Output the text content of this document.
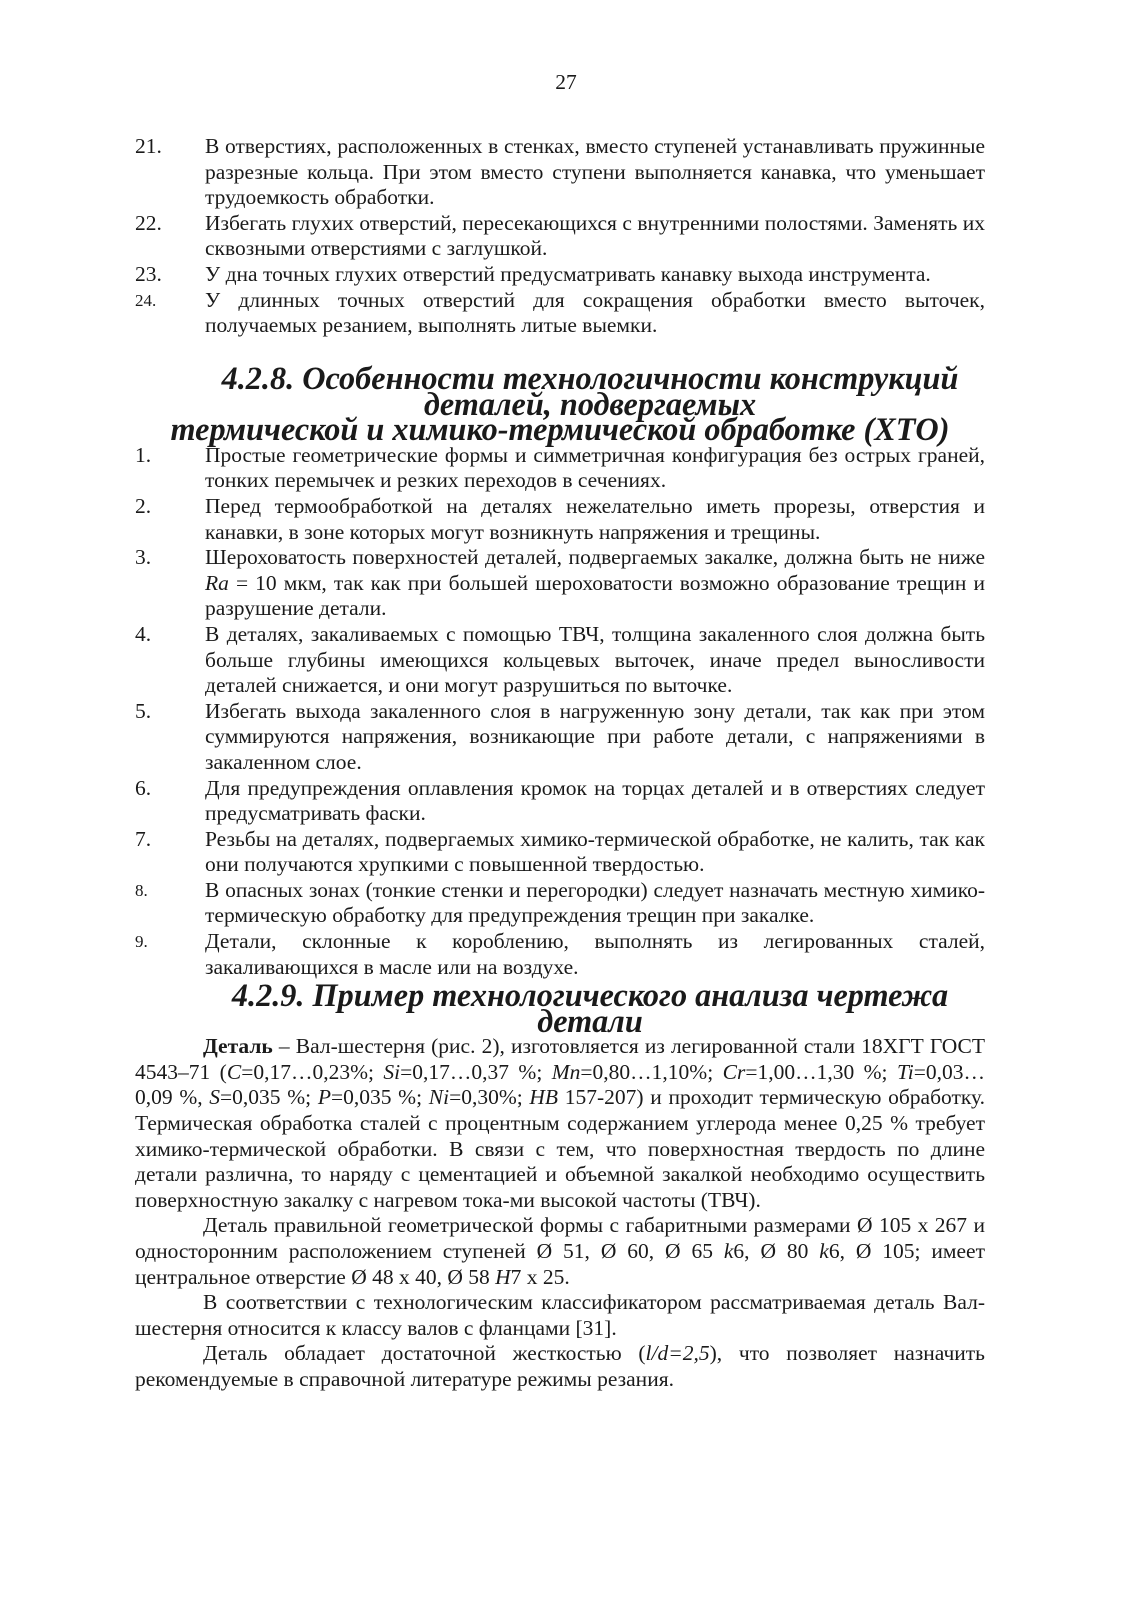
27
21.	В отверстиях, расположенных в стенках, вместо ступеней устанавливать пружинные разрезные кольца. При этом вместо ступени выполняется канавка, что уменьшает трудоемкость обработки.
22.	Избегать глухих отверстий, пересекающихся с внутренними полостями. Заменять их сквозными отверстиями с заглушкой.
23.	У дна точных глухих отверстий предусматривать канавку выхода инструмента.
24.	У длинных точных отверстий для сокращения обработки вместо выточек, получаемых резанием, выполнять литые выемки.
4.2.8. Особенности технологичности конструкций деталей, подвергаемых
термической и химико-термической обработке (ХТО)
1.	Простые геометрические формы и симметричная конфигурация без острых граней, тонких перемычек и резких переходов в сечениях.
2.	Перед термообработкой на деталях нежелательно иметь прорезы, отверстия и канавки, в зоне которых могут возникнуть напряжения и трещины.
3.	Шероховатость поверхностей деталей, подвергаемых закалке, должна быть не ниже Ra = 10 мкм, так как при большей шероховатости возможно образование трещин и разрушение детали.
4.	В деталях, закаливаемых с помощью ТВЧ, толщина закаленного слоя должна быть больше глубины имеющихся кольцевых выточек, иначе предел выносливости деталей снижается, и они могут разрушиться по выточке.
5.	Избегать выхода закаленного слоя в нагруженную зону детали, так как при этом суммируются напряжения, возникающие при работе детали, с напряжениями в закаленном слое.
6.	Для предупреждения оплавления кромок на торцах деталей и в отверстиях следует предусматривать фаски.
7.	Резьбы на деталях, подвергаемых химико-термической обработке, не калить, так как они получаются хрупкими с повышенной твердостью.
8.	В опасных зонах (тонкие стенки и перегородки) следует назначать местную химико-термическую обработку для предупреждения трещин при закалке.
9.	Детали, склонные к короблению, выполнять из легированных сталей, закаливающихся в масле или на воздухе.
4.2.9. Пример технологического анализа чертежа детали

Деталь – Вал-шестерня (рис. 2), изготовляется из легированной стали 18ХГТ ГОСТ 4543–71 (C=0,17…0,23%; Si=0,17…0,37 %; Mn=0,80…1,10%; Cr=1,00…1,30 %; Ti=0,03…0,09 %, S=0,035 %; P=0,035 %; Ni=0,30%; HB 157-207) и проходит термическую обработку. Термическая обработка сталей с процентным содержанием углерода менее 0,25 % требует химико-термической обработки. В связи с тем, что поверхностная твердость по длине детали различна, то наряду с цементацией и объемной закалкой необходимо осуществить поверхностную закалку с нагревом тока-ми высокой частоты (ТВЧ).

Деталь правильной геометрической формы с габаритными размерами Ø 105 х 267 и односторонним расположением ступеней Ø 51, Ø 60, Ø 65 k6, Ø 80 k6, Ø 105; имеет центральное отверстие Ø 48 х 40, Ø 58 H7 х 25.

В соответствии с технологическим классификатором рассматриваемая деталь Вал-шестерня относится к классу валов с фланцами [31].

Деталь обладает достаточной жесткостью (l/d=2,5), что позволяет назначить рекомендуемые в справочной литературе режимы резания.
